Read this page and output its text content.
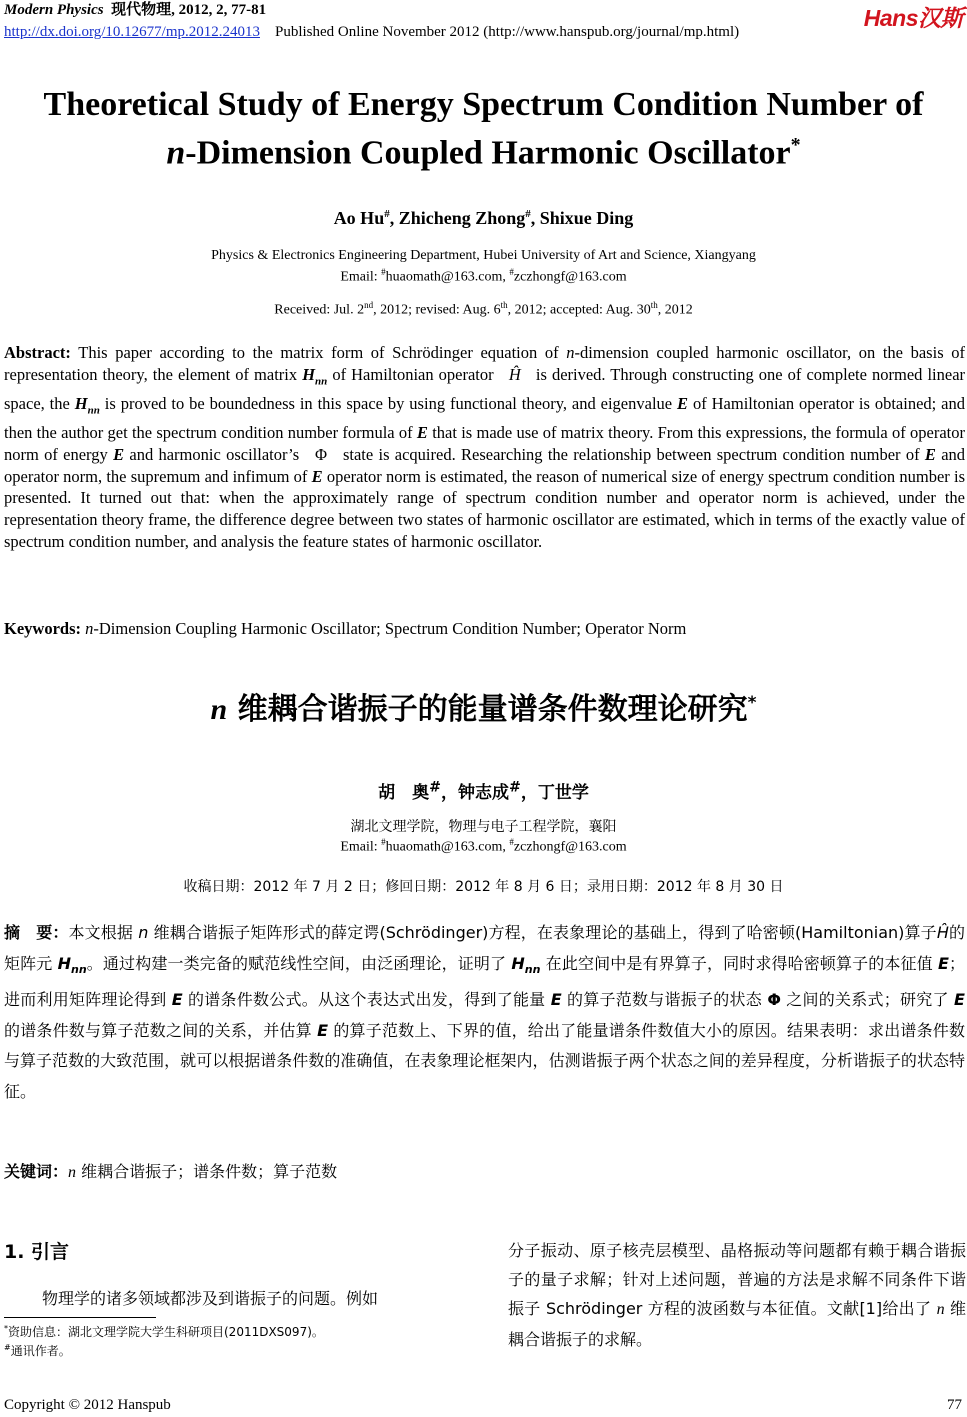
Modern Physics 现代物理, 2012, 2, 77-81
http://dx.doi.org/10.12677/mp.2012.24013 Published Online November 2012 (http://www.hanspub.org/journal/mp.html)
Hans汉斯
Theoretical Study of Energy Spectrum Condition Number of
n-Dimension Coupled Harmonic Oscillator*
Ao Hu#, Zhicheng Zhong#, Shixue Ding
Physics & Electronics Engineering Department, Hubei University of Art and Science, Xiangyang
Email: #huaomath@163.com, #zczhongf@163.com
Received: Jul. 2nd, 2012; revised: Aug. 6th, 2012; accepted: Aug. 30th, 2012
Abstract: This paper according to the matrix form of Schrödinger equation of n-dimension coupled harmonic oscillator, on the basis of representation theory, the element of matrix $H_{nn}$ of Hamiltonian operator   Ĥ   is derived. Through constructing one of complete normed linear space, the $H_{nn}$ is proved to be boundedness in this space by using functional theory, and eigenvalue E of Hamiltonian operator is obtained; and then the author get the spectrum condition number formula of E that is made use of matrix theory. From this expressions, the formula of operator norm of energy E and harmonic oscillator’s   Φ   state is acquired. Researching the relationship between spectrum condition number of E and operator norm, the supremum and infimum of E operator norm is estimated, the reason of numerical size of energy spectrum condition number is presented. It turned out that: when the approximately range of spectrum condition number and operator norm is achieved, under the representation theory frame, the difference degree between two states of harmonic oscillator are estimated, which in terms of the exactly value of spectrum condition number, and analysis the feature states of harmonic oscillator.
Keywords: n-Dimension Coupling Harmonic Oscillator; Spectrum Condition Number; Operator Norm
n 维耦合谐振子的能量谱条件数理论研究*
胡　奥#，钟志成#，丁世学
湖北文理学院，物理与电子工程学院，襄阳
Email: #huaomath@163.com, #zczhongf@163.com
收稿日期：2012 年 7 月 2 日；修回日期：2012 年 8 月 6 日；录用日期：2012 年 8 月 30 日
摘　要：本文根据 n 维耦合谐振子矩阵形式的薛定谔(Schrödinger)方程，在表象理论的基础上，得到了哈密顿(Hamiltonian)算子Ĥ的矩阵元 $H_{nn}$。通过构建一类完备的赋范线性空间，由泛函理论，证明了 $H_{nn}$ 在此空间中是有界算子，同时求得哈密顿算子的本征值 E；进而利用矩阵理论得到 E 的谱条件数公式。从这个表达式出发，得到了能量 E 的算子范数与谐振子的状态 Φ 之间的关系式；研究了 E 的谱条件数与算子范数之间的关系，并估算 E 的算子范数上、下界的值，给出了能量谱条件数值大小的原因。结果表明：求出谱条件数与算子范数的大致范围，就可以根据谱条件数的准确值，在表象理论框架内，估测谐振子两个状态之间的差异程度，分析谐振子的状态特征。
关键词：n 维耦合谐振子；谱条件数；算子范数
1. 引言
物理学的诸多领域都涉及到谐振子的问题。例如
分子振动、原子核壳层模型、晶格振动等问题都有赖于耦合谐振子的量子求解；针对上述问题，普遍的方法是求解不同条件下谐振子 Schrödinger 方程的波函数与本征值。文献[1]给出了 n 维耦合谐振子的求解。
*资助信息：湖北文理学院大学生科研项目(2011DXS097)。
#通讯作者。
Copyright © 2012 Hanspub	77
